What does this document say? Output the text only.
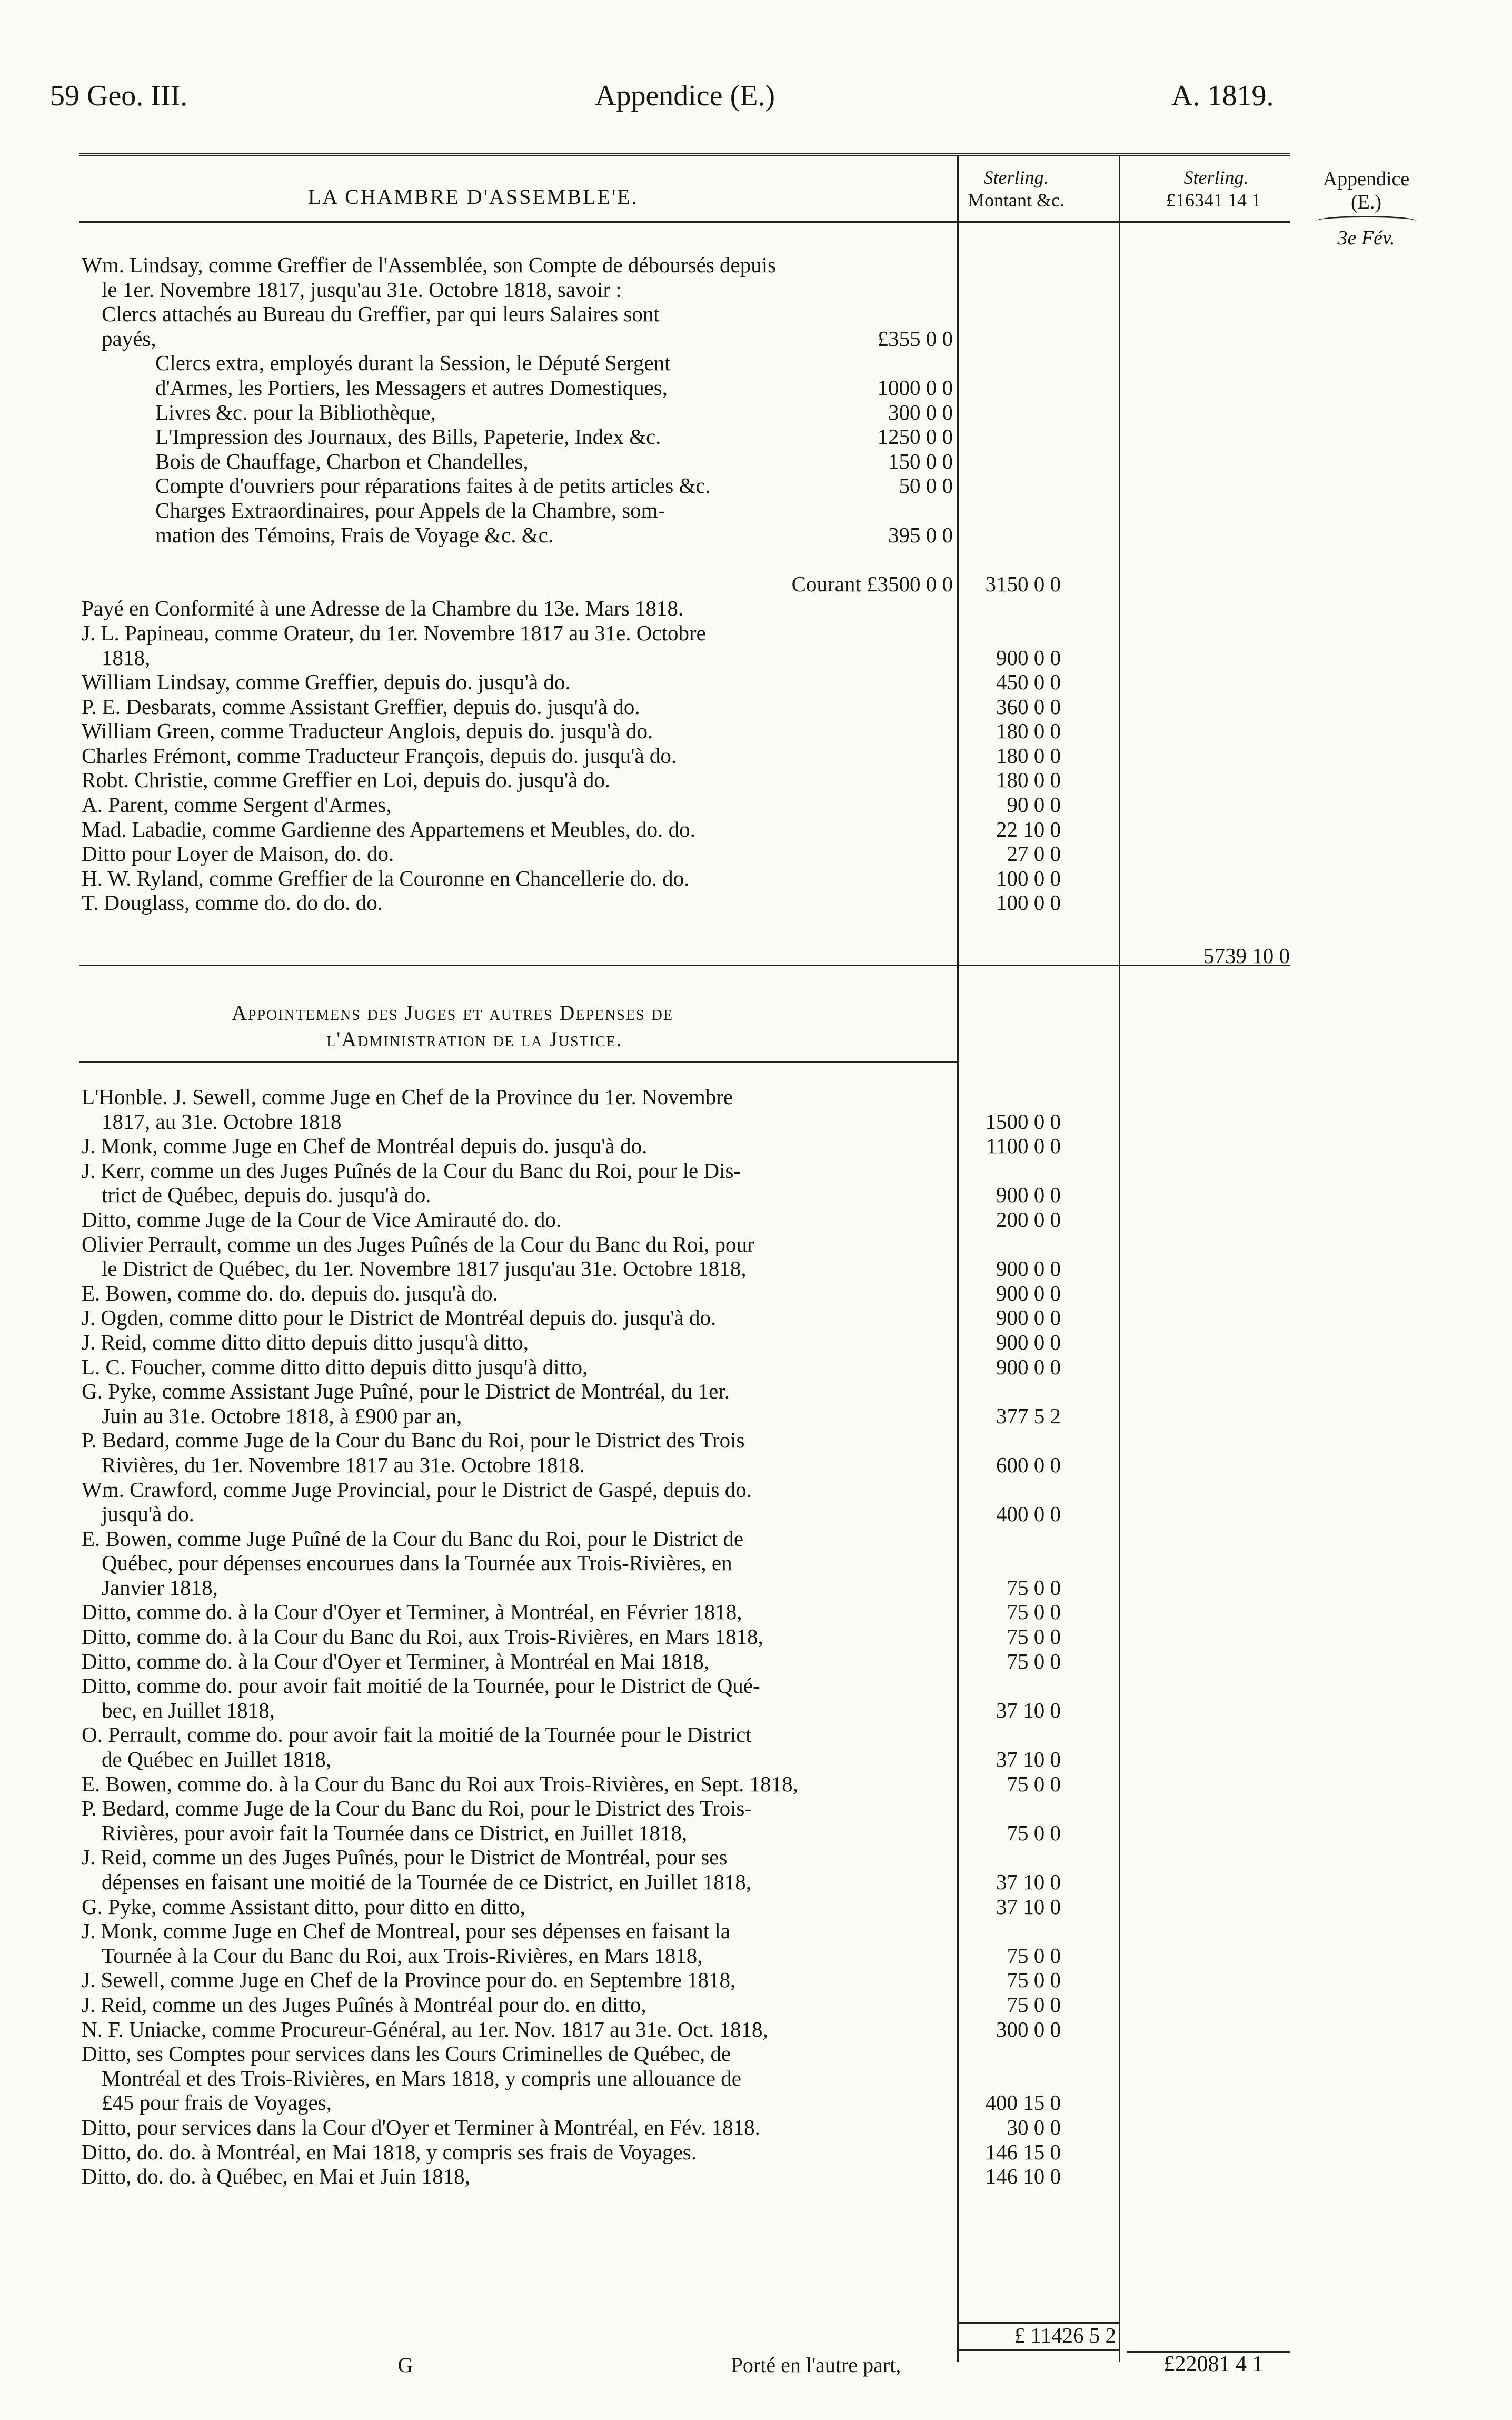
59 Geo. III.	Appendice (E.)	A. 1819.
LA CHAMBRE D'ASSEMBLE'E.
Sterling.
Montant &c.
Sterling.
£16341 14 1
Appendice
(E.)
3e Fév.
Wm. Lindsay, comme Greffier de l'Assemblée, son Compte de déboursés depuis
le 1er. Novembre 1817, jusqu'au 31e. Octobre 1818, savoir :
Clercs attachés au Bureau du Greffier, par qui leurs Salaires sont
payés,	£355 0 0
Clercs extra, employés durant la Session, le Député Sergent
d'Armes, les Portiers, les Messagers et autres Domestiques,	1000 0 0
Livres &c. pour la Bibliothèque,	300 0 0
L'Impression des Journaux, des Bills, Papeterie, Index &c.	1250 0 0
Bois de Chauffage, Charbon et Chandelles,	150 0 0
Compte d'ouvriers pour réparations faites à de petits articles &c.	50 0 0
Charges Extraordinaires, pour Appels de la Chambre, som-
mation des Témoins, Frais de Voyage &c. &c.	395 0 0
Courant £3500 0 0	3150 0 0
Payé en Conformité à une Adresse de la Chambre du 13e. Mars 1818.
J. L. Papineau, comme Orateur, du 1er. Novembre 1817 au 31e. Octobre
1818,	900 0 0
William Lindsay, comme Greffier, depuis do. jusqu'à do.	450 0 0
P. E. Desbarats, comme Assistant Greffier, depuis do. jusqu'à do.	360 0 0
William Green, comme Traducteur Anglois, depuis do. jusqu'à do.	180 0 0
Charles Frémont, comme Traducteur François, depuis do. jusqu'à do.	180 0 0
Robt. Christie, comme Greffier en Loi, depuis do. jusqu'à do.	180 0 0
A. Parent, comme Sergent d'Armes,	90 0 0
Mad. Labadie, comme Gardienne des Appartemens et Meubles, do. do.	22 10 0
Ditto pour Loyer de Maison, do. do.	27 0 0
H. W. Ryland, comme Greffier de la Couronne en Chancellerie do. do.	100 0 0
T. Douglass, comme do. do do. do.	100 0 0
5739 10 0
Appointemens des Juges et autres Depenses de
l'Administration de la Justice.
L'Honble. J. Sewell, comme Juge en Chef de la Province du 1er. Novembre
1817, au 31e. Octobre 1818	1500 0 0
J. Monk, comme Juge en Chef de Montréal depuis do. jusqu'à do.	1100 0 0
J. Kerr, comme un des Juges Puînés de la Cour du Banc du Roi, pour le Dis-
trict de Québec, depuis do. jusqu'à do.	900 0 0
Ditto, comme Juge de la Cour de Vice Amirauté do. do.	200 0 0
Olivier Perrault, comme un des Juges Puînés de la Cour du Banc du Roi, pour
le District de Québec, du 1er. Novembre 1817 jusqu'au 31e. Octobre 1818,	900 0 0
E. Bowen, comme do. do. depuis do. jusqu'à do.	900 0 0
J. Ogden, comme ditto pour le District de Montréal depuis do. jusqu'à do.	900 0 0
J. Reid, comme ditto ditto depuis ditto jusqu'à ditto,	900 0 0
L. C. Foucher, comme ditto ditto depuis ditto jusqu'à ditto,	900 0 0
G. Pyke, comme Assistant Juge Puîné, pour le District de Montréal, du 1er.
Juin au 31e. Octobre 1818, à £900 par an,	377 5 2
P. Bedard, comme Juge de la Cour du Banc du Roi, pour le District des Trois
Rivières, du 1er. Novembre 1817 au 31e. Octobre 1818.	600 0 0
Wm. Crawford, comme Juge Provincial, pour le District de Gaspé, depuis do.
jusqu'à do.	400 0 0
E. Bowen, comme Juge Puîné de la Cour du Banc du Roi, pour le District de
Québec, pour dépenses encourues dans la Tournée aux Trois-Rivières, en
Janvier 1818,	75 0 0
Ditto, comme do. à la Cour d'Oyer et Terminer, à Montréal, en Février 1818,	75 0 0
Ditto, comme do. à la Cour du Banc du Roi, aux Trois-Rivières, en Mars 1818,	75 0 0
Ditto, comme do. à la Cour d'Oyer et Terminer, à Montréal en Mai 1818,	75 0 0
Ditto, comme do. pour avoir fait moitié de la Tournée, pour le District de Qué-
bec, en Juillet 1818,	37 10 0
O. Perrault, comme do. pour avoir fait la moitié de la Tournée pour le District
de Québec en Juillet 1818,	37 10 0
E. Bowen, comme do. à la Cour du Banc du Roi aux Trois-Rivières, en Sept. 1818,	75 0 0
P. Bedard, comme Juge de la Cour du Banc du Roi, pour le District des Trois-
Rivières, pour avoir fait la Tournée dans ce District, en Juillet 1818,	75 0 0
J. Reid, comme un des Juges Puînés, pour le District de Montréal, pour ses
dépenses en faisant une moitié de la Tournée de ce District, en Juillet 1818,	37 10 0
G. Pyke, comme Assistant ditto, pour ditto en ditto,	37 10 0
J. Monk, comme Juge en Chef de Montreal, pour ses dépenses en faisant la
Tournée à la Cour du Banc du Roi, aux Trois-Rivières, en Mars 1818,	75 0 0
J. Sewell, comme Juge en Chef de la Province pour do. en Septembre 1818,	75 0 0
J. Reid, comme un des Juges Puînés à Montréal pour do. en ditto,	75 0 0
N. F. Uniacke, comme Procureur-Général, au 1er. Nov. 1817 au 31e. Oct. 1818,	300 0 0
Ditto, ses Comptes pour services dans les Cours Criminelles de Québec, de
Montréal et des Trois-Rivières, en Mars 1818, y compris une allouance de
£45 pour frais de Voyages,	400 15 0
Ditto, pour services dans la Cour d'Oyer et Terminer à Montréal, en Fév. 1818.	30 0 0
Ditto, do. do. à Montréal, en Mai 1818, y compris ses frais de Voyages.	146 15 0
Ditto, do. do. à Québec, en Mai et Juin 1818,	146 10 0
£ 11426 5 2
G	Porté en l'autre part,	£22081 4 1
